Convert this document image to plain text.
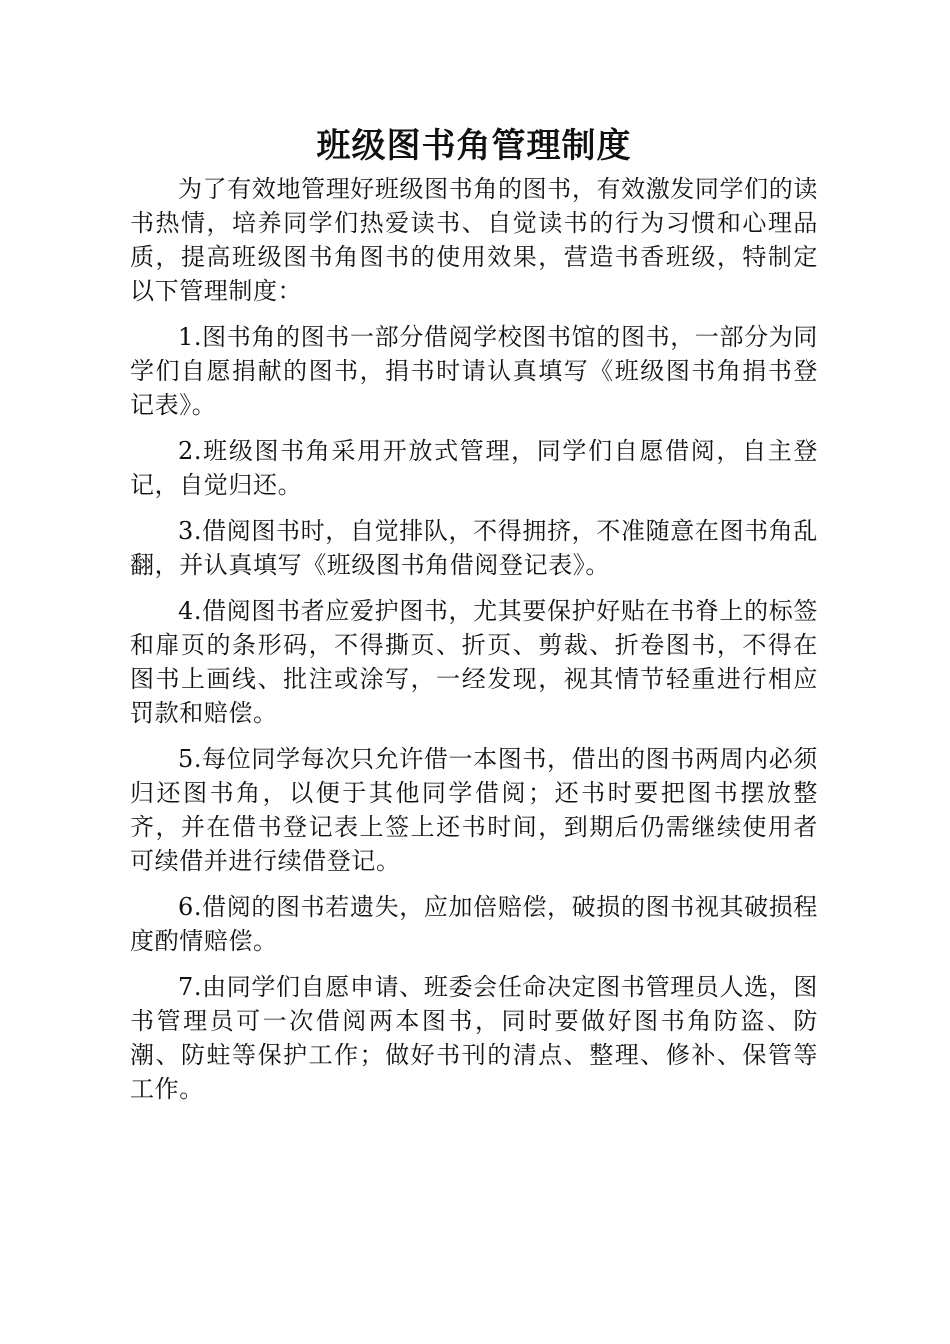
班级图书角管理制度

为了有效地管理好班级图书角的图书，有效激发同学们的读书热情，培养同学们热爱读书、自觉读书的行为习惯和心理品质，提高班级图书角图书的使用效果，营造书香班级，特制定以下管理制度：

1.图书角的图书一部分借阅学校图书馆的图书，一部分为同学们自愿捐献的图书，捐书时请认真填写《班级图书角捐书登记表》。

2.班级图书角采用开放式管理，同学们自愿借阅，自主登记，自觉归还。

3.借阅图书时，自觉排队，不得拥挤，不准随意在图书角乱翻，并认真填写《班级图书角借阅登记表》。

4.借阅图书者应爱护图书，尤其要保护好贴在书脊上的标签和扉页的条形码，不得撕页、折页、剪裁、折卷图书，不得在图书上画线、批注或涂写，一经发现，视其情节轻重进行相应罚款和赔偿。

5.每位同学每次只允许借一本图书，借出的图书两周内必须归还图书角，以便于其他同学借阅；还书时要把图书摆放整齐，并在借书登记表上签上还书时间，到期后仍需继续使用者可续借并进行续借登记。

6.借阅的图书若遗失，应加倍赔偿，破损的图书视其破损程度酌情赔偿。

7.由同学们自愿申请、班委会任命决定图书管理员人选，图书管理员可一次借阅两本图书，同时要做好图书角防盗、防潮、防蛀等保护工作；做好书刊的清点、整理、修补、保管等工作。
